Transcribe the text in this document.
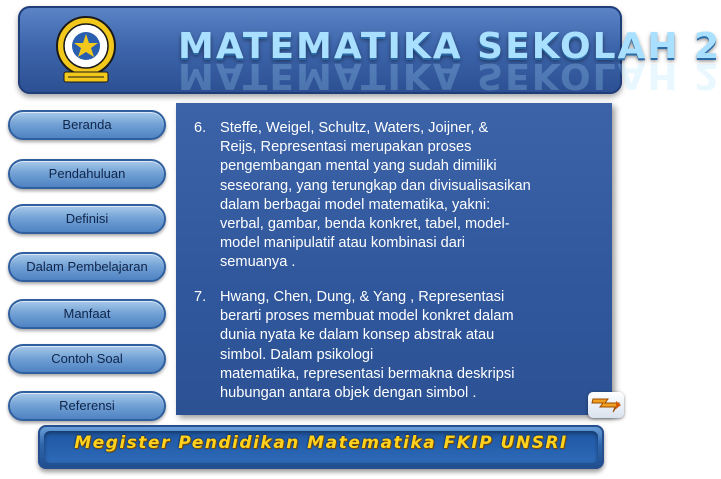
MATEMATIKA SEKOLAH 2
MATEMATIKA SEKOLAH 2
Beranda
Pendahuluan
Definisi
Dalam Pembelajaran
Manfaat
Contoh Soal
Referensi
6. Steffe, Weigel, Schultz, Waters, Joijner, &
Reijs, Representasi merupakan proses
pengembangan mental yang sudah dimiliki
seseorang, yang terungkap dan divisualisasikan
dalam berbagai model matematika, yakni:
verbal, gambar, benda konkret, tabel, model-
model manipulatif atau kombinasi dari
semuanya .
7. Hwang, Chen, Dung, & Yang , Representasi
berarti proses membuat model konkret dalam
dunia nyata ke dalam konsep abstrak atau
simbol. Dalam psikologi
matematika, representasi bermakna deskripsi
hubungan antara objek dengan simbol .
Megister Pendidikan Matematika FKIP UNSRI
